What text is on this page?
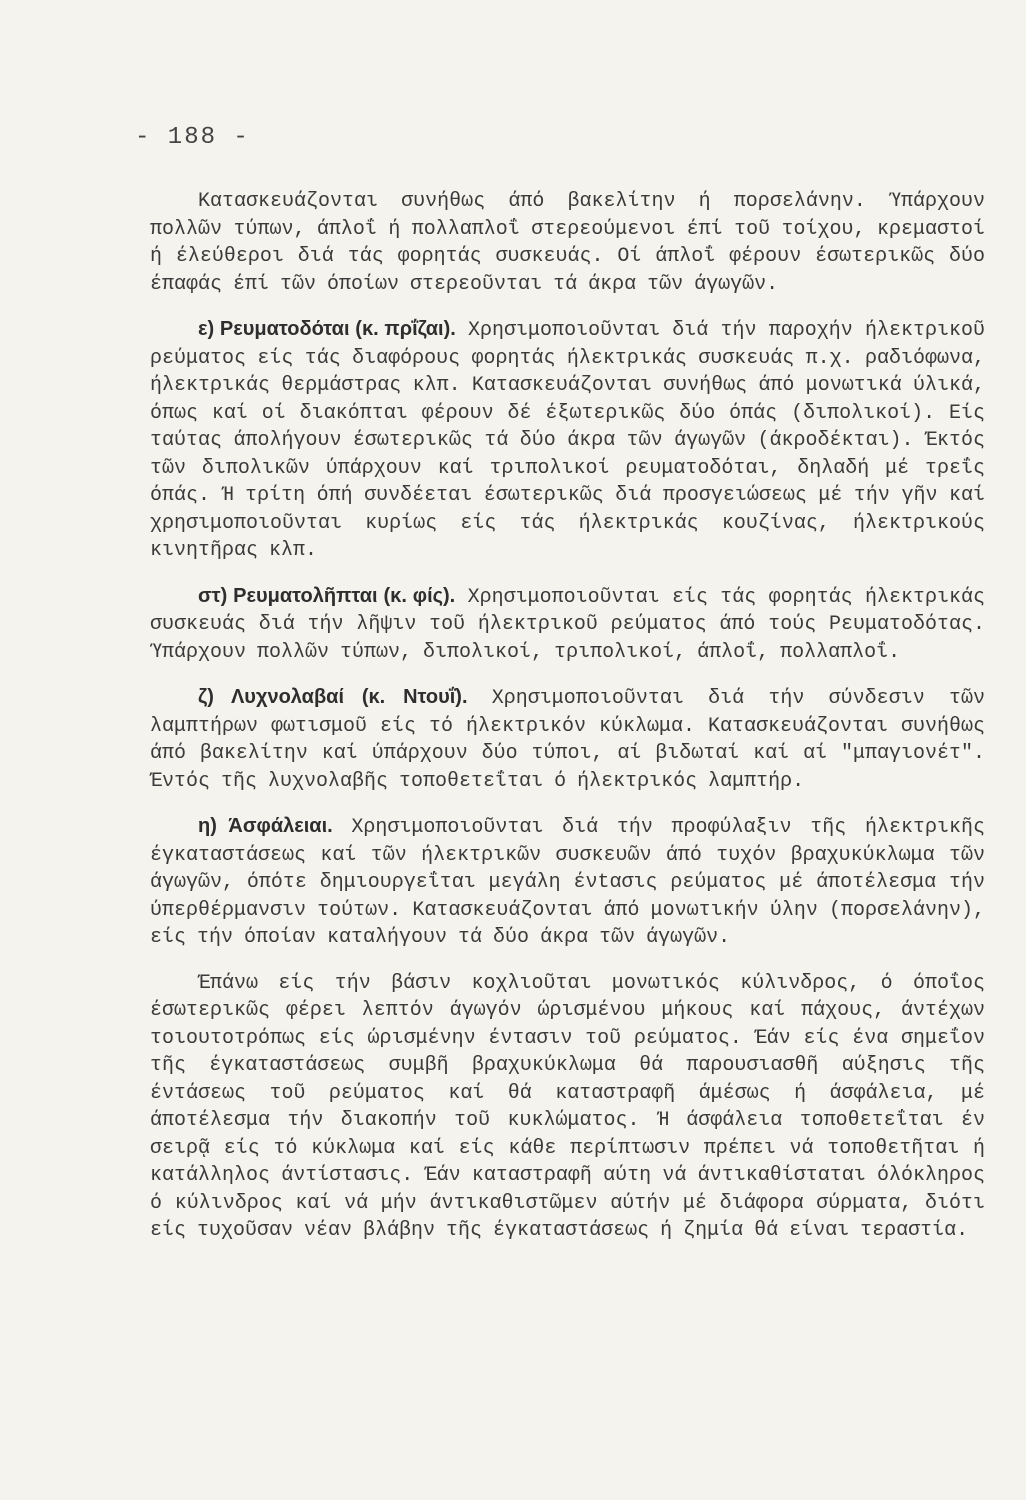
- 188 -

Κατασκευάζονται συνήθως άπό βακελίτην ή πορσελάνην. Ύπάρχουν πολλῶν τύπων, άπλοΐ ή πολλαπλοΐ στερεούμενοι έπί τοῦ τοίχου, κρεμαστοί ή έλεύθεροι διά τάς φορητάς συσκευάς. Οί άπλοΐ φέρουν έσωτερικῶς δύο έπαφάς έπί τῶν όποίων στερεοῦνται τά άκρα τῶν άγωγῶν.

ε) Ρευματοδόται (κ. πρΐζαι). Χρησιμοποιοῦνται διά τήν παροχήν ήλεκτρικοῦ ρεύματος είς τάς διαφόρους φορητάς ήλεκτρικάς συσκευάς π.χ. ραδιόφωνα, ήλεκτρικάς θερμάστρας κλπ. Κατασκευάζονται συνήθως άπό μονωτικά ύλικά, όπως καί οί διακόπται φέρουν δέ έξωτερικῶς δύο όπάς (διπολικοί). Είς ταύτας άπολήγουν έσωτερικῶς τά δύο άκρα τῶν άγωγῶν (άκροδέκται). Έκτός τῶν διπολικῶν ύπάρχουν καί τριπολικοί ρευματοδόται, δηλαδή μέ τρεΐς όπάς. Ή τρίτη όπή συνδέεται έσωτερικῶς διά προσγειώσεως μέ τήν γῆν καί χρησιμοποιοῦνται κυρίως είς τάς ήλεκτρικάς κουζίνας, ήλεκτρικούς κινητῆρας κλπ.

στ) Ρευματολῆπται (κ. φίς). Χρησιμοποιοῦνται είς τάς φορητάς ήλεκτρικάς συσκευάς διά τήν λῆψιν τοῦ ήλεκτρικοῦ ρεύματος άπό τούς Ρευματοδότας. Ύπάρχουν πολλῶν τύπων, διπολικοί, τριπολικοί, άπλοΐ, πολλαπλοΐ.

ζ) Λυχνολαβαί (κ. Ντουΐ). Χρησιμοποιοῦνται διά τήν σύνδεσιν τῶν λαμπτήρων φωτισμοῦ είς τό ήλεκτρικόν κύκλωμα. Κατασκευάζονται συνήθως άπό βακελίτην καί ύπάρχουν δύο τύποι, αί βιδωταί καί αί "μπαγιονέτ". Έντός τῆς λυχνολαβῆς τοποθετεΐται ό ήλεκτρικός λαμπτήρ.

η) Άσφάλειαι. Χρησιμοποιοῦνται διά τήν προφύλαξιν τῆς ήλεκτρικῆς έγκαταστάσεως καί τῶν ήλεκτρικῶν συσκευῶν άπό τυχόν βραχυκύκλωμα τῶν άγωγῶν, όπότε δημιουργεΐται μεγάλη ένtασις ρεύματος μέ άποτέλεσμα τήν ύπερθέρμανσιν τούτων. Κατασκευάζονται άπό μονωτικήν ύλην (πορσελάνην), είς τήν όποίαν καταλήγουν τά δύο άκρα τῶν άγωγῶν.

Έπάνω είς τήν βάσιν κοχλιοῦται μονωτικός κύλινδρος, ό όποΐος έσωτερικῶς φέρει λεπτόν άγωγόν ώρισμένου μήκους καί πάχους, άντέχων τοιουτοτρόπως είς ώρισμένην έντασιν τοῦ ρεύματος. Έάν είς ένα σημεΐον τῆς έγκαταστάσεως συμβῆ βραχυκύκλωμα θά παρουσιασθῆ αύξησις τῆς έντάσεως τοῦ ρεύματος καί θά καταστραφῆ άμέσως ή άσφάλεια, μέ άποτέλεσμα τήν διακοπήν τοῦ κυκλώματος. Ή άσφάλεια τοποθετεΐται έν σειρᾷ είς τό κύκλωμα καί είς κάθε περίπτωσιν πρέπει νά τοποθετῆται ή κατάλληλος άντίστασις. Έάν καταστραφῆ αύτη νά άντικαθίσταται όλόκληρος ό κύλινδρος καί νά μήν άντικαθιστῶμεν αύτήν μέ διάφορα σύρματα, διότι είς τυχοῦσαν νέαν βλάβην τῆς έγκαταστάσεως ή ζημία θά είναι τεραστία.
